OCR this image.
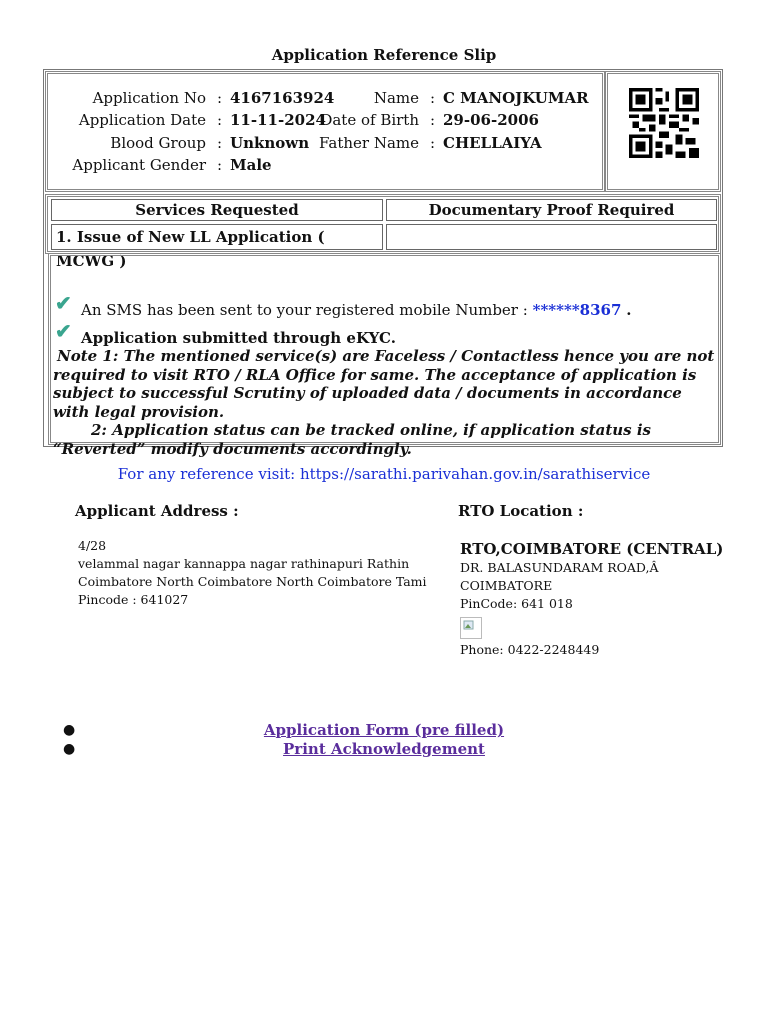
Application Reference Slip
Application No : 4167163924
Application Date : 11-11-2024
Blood Group : Unknown
Applicant Gender : Male
Name : C MANOJKUMAR
Date of Birth : 29-06-2006
Father Name : CHELLAIYA
Services Requested	Documentary Proof Required
1. Issue of New LL Application ( MCWG )
✔ An SMS has been sent to your registered mobile Number : ******8367 .
✔ Application submitted through eKYC.
Note 1: The mentioned service(s) are Faceless / Contactless hence you are not required to visit RTO / RLA Office for same. The acceptance of application is subject to successful Scrutiny of uploaded data / documents in accordance with legal provision.
2: Application status can be tracked online, if application status is “Reverted” modify documents accordingly.
For any reference visit: https://sarathi.parivahan.gov.in/sarathiservice
Applicant Address :
4/28
velammal nagar kannappa nagar rathinapuri Rathin
Coimbatore North Coimbatore North Coimbatore Tami
Pincode : 641027
RTO Location :
RTO,COIMBATORE (CENTRAL)
DR. BALASUNDARAM ROAD,Â
COIMBATORE
PinCode: 641 018
Phone: 0422-2248449
●	Application Form (pre filled)
●	Print Acknowledgement
